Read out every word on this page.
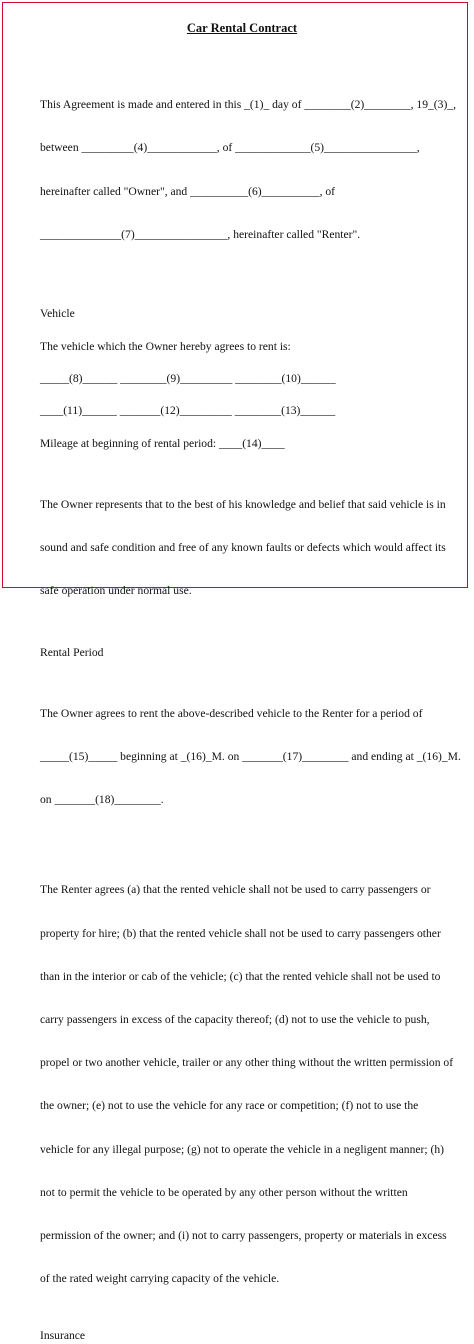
Car Rental Contract

This Agreement is made and entered in this _(1)_ day of ________(2)________, 19_(3)_,

between _________(4)____________, of _____________(5)________________,

hereinafter called "Owner", and __________(6)__________, of

______________(7)________________, hereinafter called "Renter".

Vehicle
The vehicle which the Owner hereby agrees to rent is:
_____(8)______ ________(9)_________ ________(10)______
____(11)______ _______(12)_________ ________(13)______
Mileage at beginning of rental period: ____(14)____

The Owner represents that to the best of his knowledge and belief that said vehicle is in

sound and safe condition and free of any known faults or defects which would affect its

safe operation under normal use.

Rental Period

The Owner agrees to rent the above-described vehicle to the Renter for a period of

_____(15)_____ beginning at _(16)_M. on _______(17)________ and ending at _(16)_M.

on _______(18)________.

The Renter agrees (a) that the rented vehicle shall not be used to carry passengers or

property for hire; (b) that the rented vehicle shall not be used to carry passengers other

than in the interior or cab of the vehicle; (c) that the rented vehicle shall not be used to

carry passengers in excess of the capacity thereof; (d) not to use the vehicle to push,

propel or two another vehicle, trailer or any other thing without the written permission of

the owner; (e) not to use the vehicle for any race or competition; (f) not to use the

vehicle for any illegal purpose; (g) not to operate the vehicle in a negligent manner; (h)

not to permit the vehicle to be operated by any other person without the written

permission of the owner; and (i) not to carry passengers, property or materials in excess

of the rated weight carrying capacity of the vehicle.

Insurance
